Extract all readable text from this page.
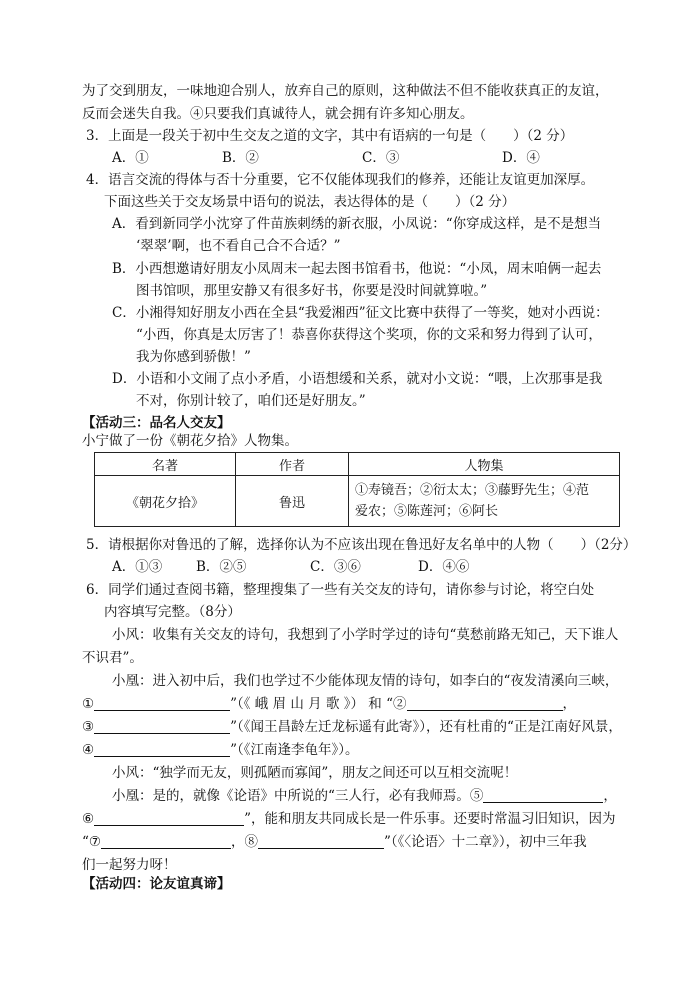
为了交到朋友，一味地迎合别人，放弃自己的原则，这种做法不但不能收获真正的友谊，
反而会迷失自我。④只要我们真诚待人，就会拥有许多知心朋友。
3．上面是一段关于初中生交友之道的文字，其中有语病的一句是（　　）（2 分）
A．①	B．②	C．③	D．④
4．语言交流的得体与否十分重要，它不仅能体现我们的修养，还能让友谊更加深厚。
下面这些关于交友场景中语句的说法，表达得体的是（　　）（2 分）
A．看到新同学小沈穿了件苗族刺绣的新衣服，小凤说：“你穿成这样，是不是想当
‘翠翠’啊，也不看自己合不合适？”
B．小西想邀请好朋友小凤周末一起去图书馆看书，他说：“小凤，周末咱俩一起去
图书馆呗，那里安静又有很多好书，你要是没时间就算啦。”
C．小湘得知好朋友小西在全县“我爱湘西”征文比赛中获得了一等奖，她对小西说：
“小西，你真是太厉害了！恭喜你获得这个奖项，你的文采和努力得到了认可，
我为你感到骄傲！”
D．小语和小文闹了点小矛盾，小语想缓和关系，就对小文说：“喂，上次那事是我
不对，你别计较了，咱们还是好朋友。”
【活动三：品名人交友】
小宁做了一份《朝花夕拾》人物集。
名著	作者	人物集
《朝花夕拾》	鲁迅	①寿镜吾；②衍太太；③藤野先生；④范
爱农；⑤陈莲河；⑥阿长
5．请根据你对鲁迅的了解，选择你认为不应该出现在鲁迅好友名单中的人物（　　）（2分）
A．①③	B．②⑤	C．③⑥	D．④⑥
6．同学们通过查阅书籍，整理搜集了一些有关交友的诗句，请你参与讨论，将空白处
内容填写完整。（8分）
小风：收集有关交友的诗句，我想到了小学时学过的诗句“莫愁前路无知己，天下谁人
不识君”。
小凰：进入初中后，我们也学过不少能体现友情的诗句，如李白的“夜发清溪向三峡，
①	”（《 峨 眉 山 月 歌 》） 和 “②	，
③	”（《闻王昌龄左迁龙标遥有此寄》），还有杜甫的“正是江南好风景，
④	”（《江南逢李龟年》）。
小风：“独学而无友，则孤陋而寡闻”，朋友之间还可以互相交流呢！
小凰：是的，就像《论语》中所说的“三人行，必有我师焉。⑤	，
⑥	”，能和朋友共同成长是一件乐事。还要时常温习旧知识，因为
“⑦	，⑧	”（《〈论语〉十二章》），初中三年我
们一起努力呀！
【活动四：论友谊真谛】
